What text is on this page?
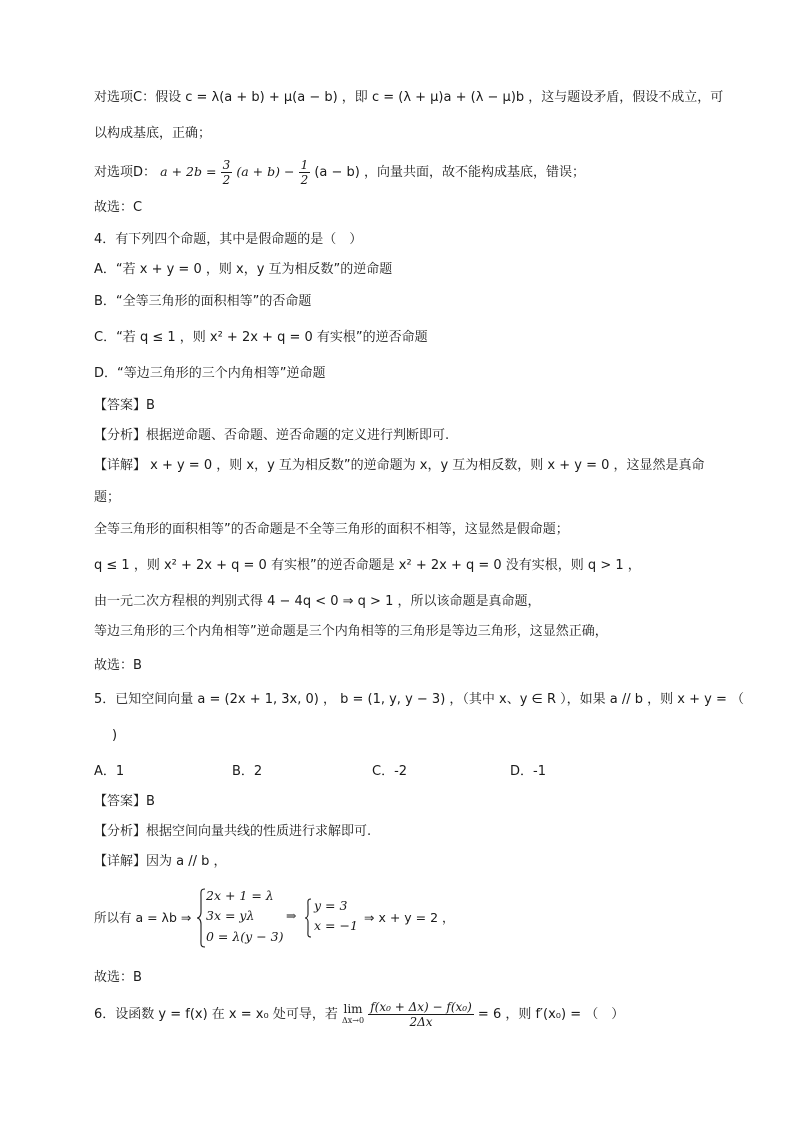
对选项C：假设 c = λ(a + b) + μ(a − b) ，即 c = (λ + μ)a + (λ − μ)b ，这与题设矛盾，假设不成立，可
以构成基底，正确；
对选项D： $a + 2b = \frac{3}{2} (a + b) - \frac{1}{2} (a - b)$ ，向量共面，故不能构成基底，错误；
故选：C
4．有下列四个命题，其中是假命题的是（　）
A．“若 x + y = 0 ，则 x，y 互为相反数”的逆命题
B．“全等三角形的面积相等”的否命题
C．“若 q ≤ 1 ，则 x² + 2x + q = 0 有实根”的逆否命题
D．“等边三角形的三个内角相等”逆命题
【答案】B
【分析】根据逆命题、否命题、逆否命题的定义进行判断即可.
【详解】 x + y = 0 ，则 x，y 互为相反数”的逆命题为 x，y 互为相反数，则 x + y = 0 ，这显然是真命
题；
全等三角形的面积相等”的否命题是不全等三角形的面积不相等，这显然是假命题；
q ≤ 1 ，则 x² + 2x + q = 0 有实根”的逆否命题是 x² + 2x + q = 0 没有实根，则 q > 1 ，
由一元二次方程根的判别式得 4 − 4q < 0 ⇒ q > 1 ，所以该命题是真命题，
等边三角形的三个内角相等”逆命题是三个内角相等的三角形是等边三角形，这显然正确，
故选：B
5．已知空间向量 a = (2x + 1, 3x, 0) ， b = (1, y, y − 3) ，（其中 x、y ∈ R ），如果 a // b ，则 x + y = （
)
A．1	B．2	C．-2	D．-1
【答案】B
【分析】根据空间向量共线的性质进行求解即可.
【详解】因为 a // b ，
所以有 a = λb ⇒
2x + 1 = λ
3x = yλ
0 = λ(y − 3)
⇒
y = 3
x = −1
⇒ x + y = 2 ，
故选：B
6．设函数 y = f(x) 在 x = x₀ 处可导，若 lim
Δx→0
$\frac{\text{f(x₀ + Δx) − f(x₀)}}{2\Delta x} = 6$ ，则 f′(x₀) = （　）
